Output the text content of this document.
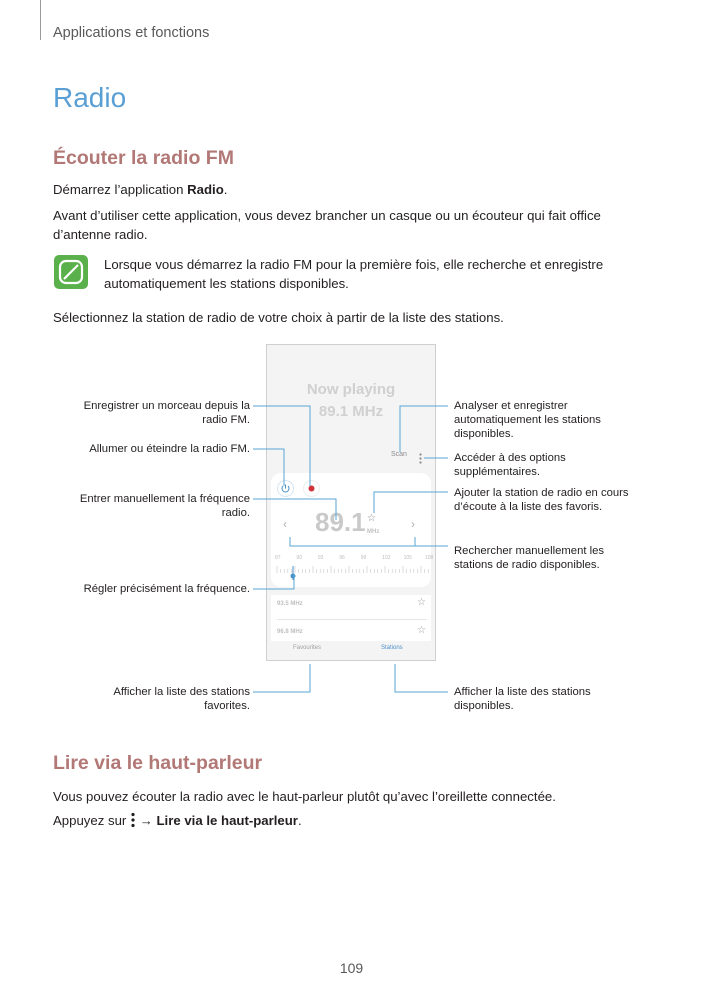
Applications et fonctions
Radio
Écouter la radio FM
Démarrez l’application Radio.
Avant d’utiliser cette application, vous devez brancher un casque ou un écouteur qui fait office d’antenne radio.
Lorsque vous démarrez la radio FM pour la première fois, elle recherche et enregistre automatiquement les stations disponibles.
Sélectionnez la station de radio de votre choix à partir de la liste des stations.
Now playing
89.1 MHz
Scan
‹	›
89.1 MHz
☆
87	90	93	96	99	102	105	108
93.5 MHz	☆
96.8 MHz	☆
Favourites	Stations
Enregistrer un morceau depuis la radio FM.
Allumer ou éteindre la radio FM.
Entrer manuellement la fréquence radio.
Régler précisément la fréquence.
Afficher la liste des stations favorites.
Analyser et enregistrer automatiquement les stations disponibles.
Accéder à des options supplémentaires.
Ajouter la station de radio en cours d’écoute à la liste des favoris.
Rechercher manuellement les stations de radio disponibles.
Afficher la liste des stations disponibles.
Lire via le haut-parleur
Vous pouvez écouter la radio avec le haut-parleur plutôt qu’avec l’oreillette connectée.
Appuyez sur  → Lire via le haut-parleur.
109
